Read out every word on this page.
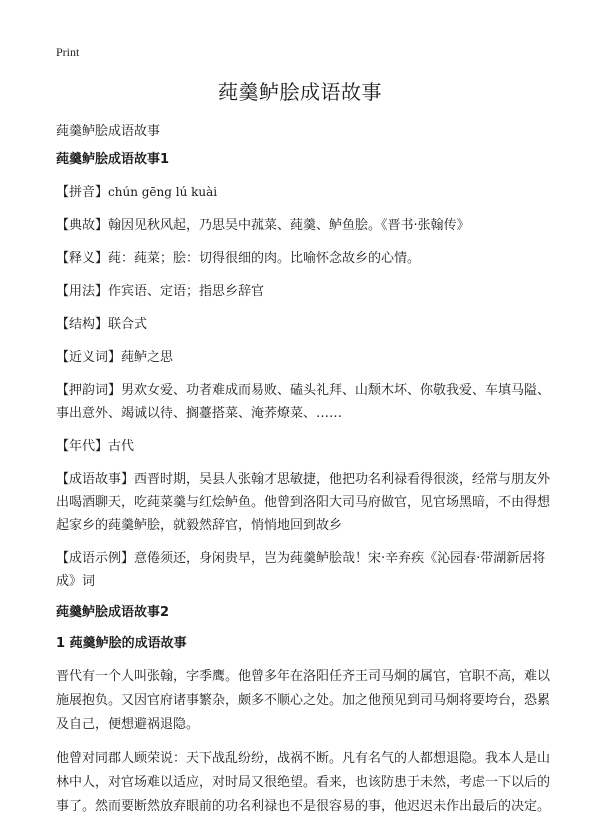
Print
莼羹鲈脍成语故事
莼羹鲈脍成语故事
莼羹鲈脍成语故事1
【拼音】chún gēng lú kuài
【典故】翰因见秋风起，乃思吴中菰菜、莼羹、鲈鱼脍。《晋书·张翰传》
【释义】莼：莼菜；脍：切得很细的肉。比喻怀念故乡的心情。
【用法】作宾语、定语；指思乡辞官
【结构】联合式
【近义词】莼鲈之思
【押韵词】男欢女爱、功者难成而易败、磕头礼拜、山颓木坏、你敬我爱、车填马隘、事出意外、竭诚以待、搁薹搭菜、淹荞燎菜、……
【年代】古代
【成语故事】西晋时期，吴县人张翰才思敏捷，他把功名利禄看得很淡，经常与朋友外出喝酒聊天，吃莼菜羹与红烩鲈鱼。他曾到洛阳大司马府做官，见官场黑暗，不由得想起家乡的莼羹鲈脍，就毅然辞官，悄悄地回到故乡
【成语示例】意倦须还，身闲贵早，岂为莼羹鲈脍哉！宋·辛弃疾《沁园春·带湖新居将成》词
莼羹鲈脍成语故事2
1 莼羹鲈脍的成语故事

晋代有一个人叫张翰，字季鹰。他曾多年在洛阳任齐王司马炯的属官，官职不高，难以施展抱负。又因官府诸事繁杂，颇多不顺心之处。加之他预见到司马炯将要垮台，恐累及自己，便想避祸退隐。

他曾对同郡人顾荣说：天下战乱纷纷，战祸不断。凡有名气的人都想退隐。我本人是山林中人，对官场难以适应，对时局又很绝望。看来，也该防患于未然，考虑一下以后的事了。然而要断然放弃眼前的功名利禄也不是很容易的事，他迟迟未作出最后的决定。
